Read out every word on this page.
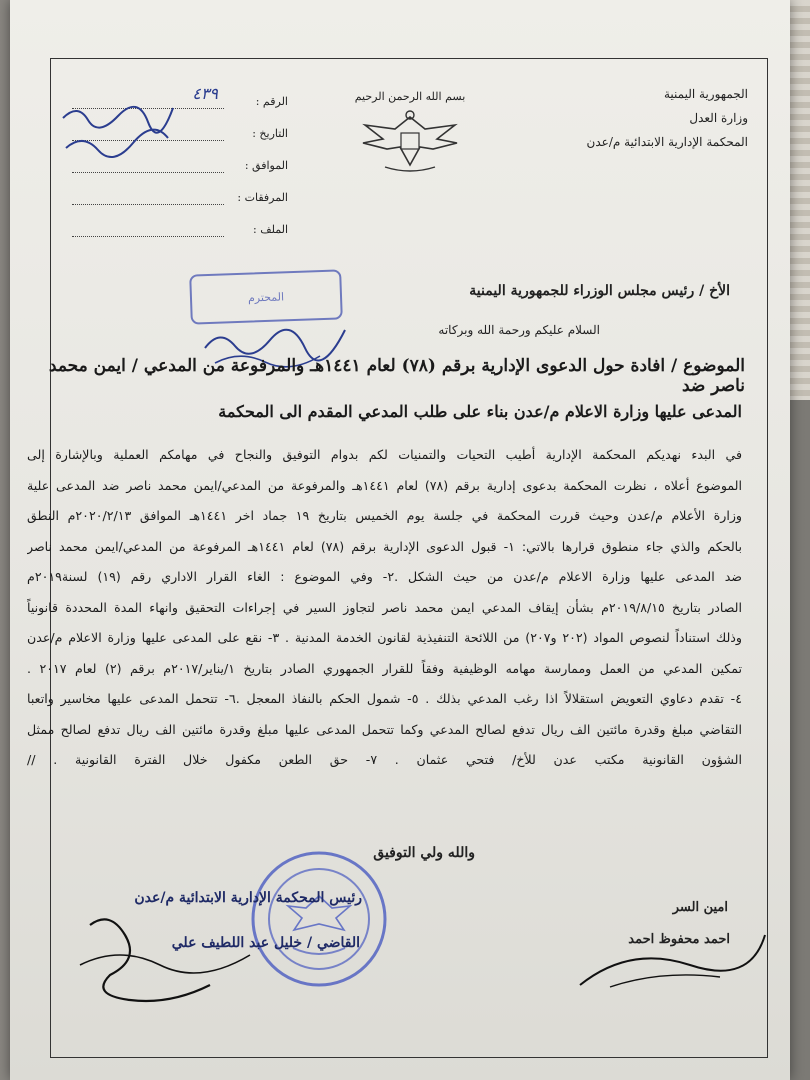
الجمهورية اليمنية
وزارة العدل
المحكمة الإدارية الابتدائية م/عدن
بسم الله الرحمن الرحيم
الرقم :
٤٣٩
التاريخ :
الموافق :
المرفقات :
الملف :
الأخ / رئيس مجلس الوزراء للجمهورية اليمنية
المحترم
السلام عليكم ورحمة الله وبركاته
الموضوع / افادة حول الدعوى الإدارية برقم (٧٨) لعام ١٤٤١هـ والمرفوعة من المدعي / ايمن محمد ناصر ضد
المدعى عليها وزارة الاعلام م/عدن بناء على طلب المدعي المقدم الى المحكمة

في البدء نهديكم المحكمة الإدارية أطيب التحيات والتمنيات لكم بدوام التوفيق والنجاح في مهامكم العملية وبالإشارة إلى

الموضوع أعلاه ، نظرت المحكمة بدعوى إدارية برقم (٧٨) لعام ١٤٤١هـ والمرفوعة من المدعي/ايمن محمد ناصر ضد المدعى علية

وزارة الأعلام م/عدن وحيث قررت المحكمة في جلسة يوم الخميس بتاريخ ١٩ جماد اخر ١٤٤١هـ الموافق ٢٠٢٠/٢/١٣م النطق

بالحكم والذي جاء منطوق قرارها بالاتي: ١- قبول الدعوى الإدارية برقم (٧٨) لعام ١٤٤١هـ المرفوعة من المدعي/ايمن محمد ناصر

ضد المدعى عليها وزارة الاعلام م/عدن من حيث الشكل .٢- وفي الموضوع : الغاء القرار الاداري رقم (١٩) لسنة٢٠١٩م

الصادر بتاريخ ٢٠١٩/٨/١٥م بشأن إيقاف المدعي ايمن محمد ناصر لتجاوز السير في إجراءات التحقيق وانهاء المدة المحددة قانونياً

وذلك استناداً لنصوص المواد (٢٠٢ و٢٠٧) من اللائحة التنفيذية لقانون الخدمة المدنية . ٣- نقع على المدعى عليها وزارة الاعلام م/عدن

تمكين المدعي من العمل وممارسة مهامه الوظيفية وفقاً للقرار الجمهوري الصادر بتاريخ ١/يناير/٢٠١٧م برقم (٢) لعام ٢٠١٧ .

٤- تقدم دعاوي التعويض استقلالاً اذا رغب المدعي بذلك . ٥- شمول الحكم بالنفاذ المعجل .٦- تتحمل المدعى عليها مخاسير واتعبا

التقاضي مبلغ وقدرة مائتين الف ريال تدفع لصالح المدعي وكما تتحمل المدعى عليها مبلغ وقدرة مائتين الف ريال تدفع لصالح ممثل

الشؤون القانونية مكتب عدن للأخ/ فتحي عثمان . ٧- حق الطعن مكفول خلال الفترة القانونية . //

والله ولي التوفيق
امين السر
احمد محفوظ احمد
رئيس المحكمة الإدارية الابتدائية م/عدن
القاضي / خليل عبد اللطيف علي
